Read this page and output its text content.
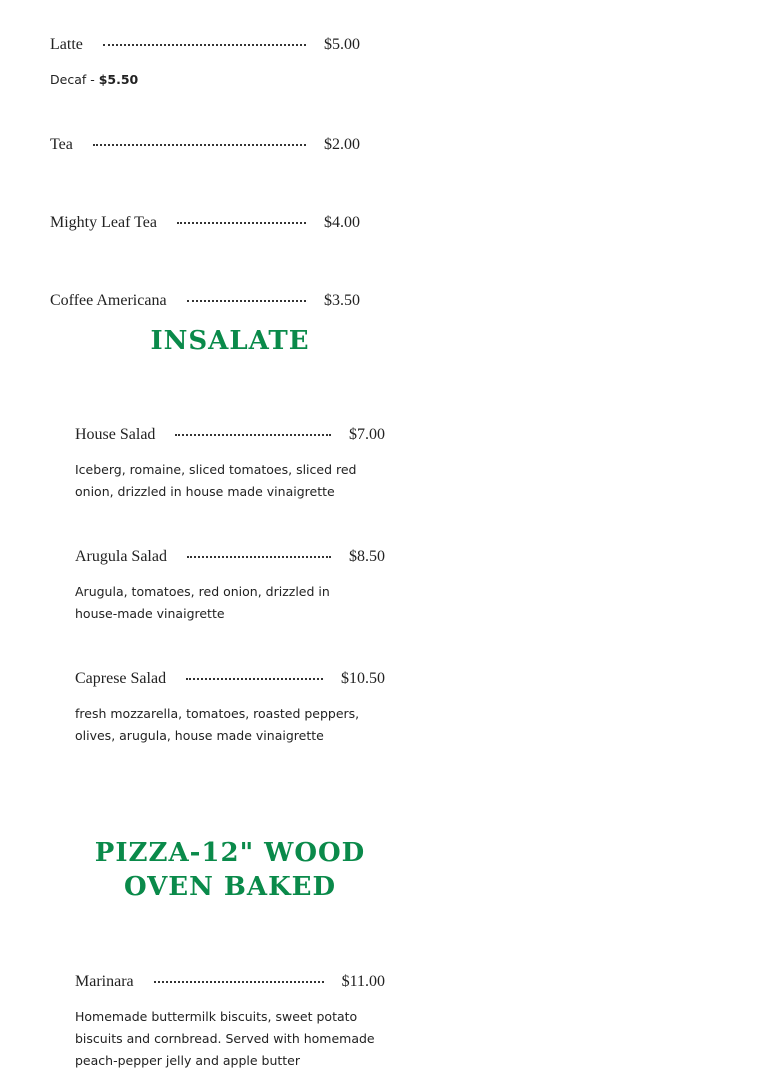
Latte	$5.00
Decaf - $5.50
Tea	$2.00
Mighty Leaf Tea	$4.00
Coffee Americana	$3.50
INSALATE
House Salad	$7.00
Iceberg, romaine, sliced tomatoes, sliced red onion, drizzled in house made vinaigrette
Arugula Salad	$8.50
Arugula, tomatoes, red onion, drizzled in house-made vinaigrette
Caprese Salad	$10.50
fresh mozzarella, tomatoes, roasted peppers, olives, arugula, house made vinaigrette
PIZZA-12" WOOD
OVEN BAKED
Marinara	$11.00
Homemade buttermilk biscuits, sweet potato biscuits and cornbread. Served with homemade peach-pepper jelly and apple butter
